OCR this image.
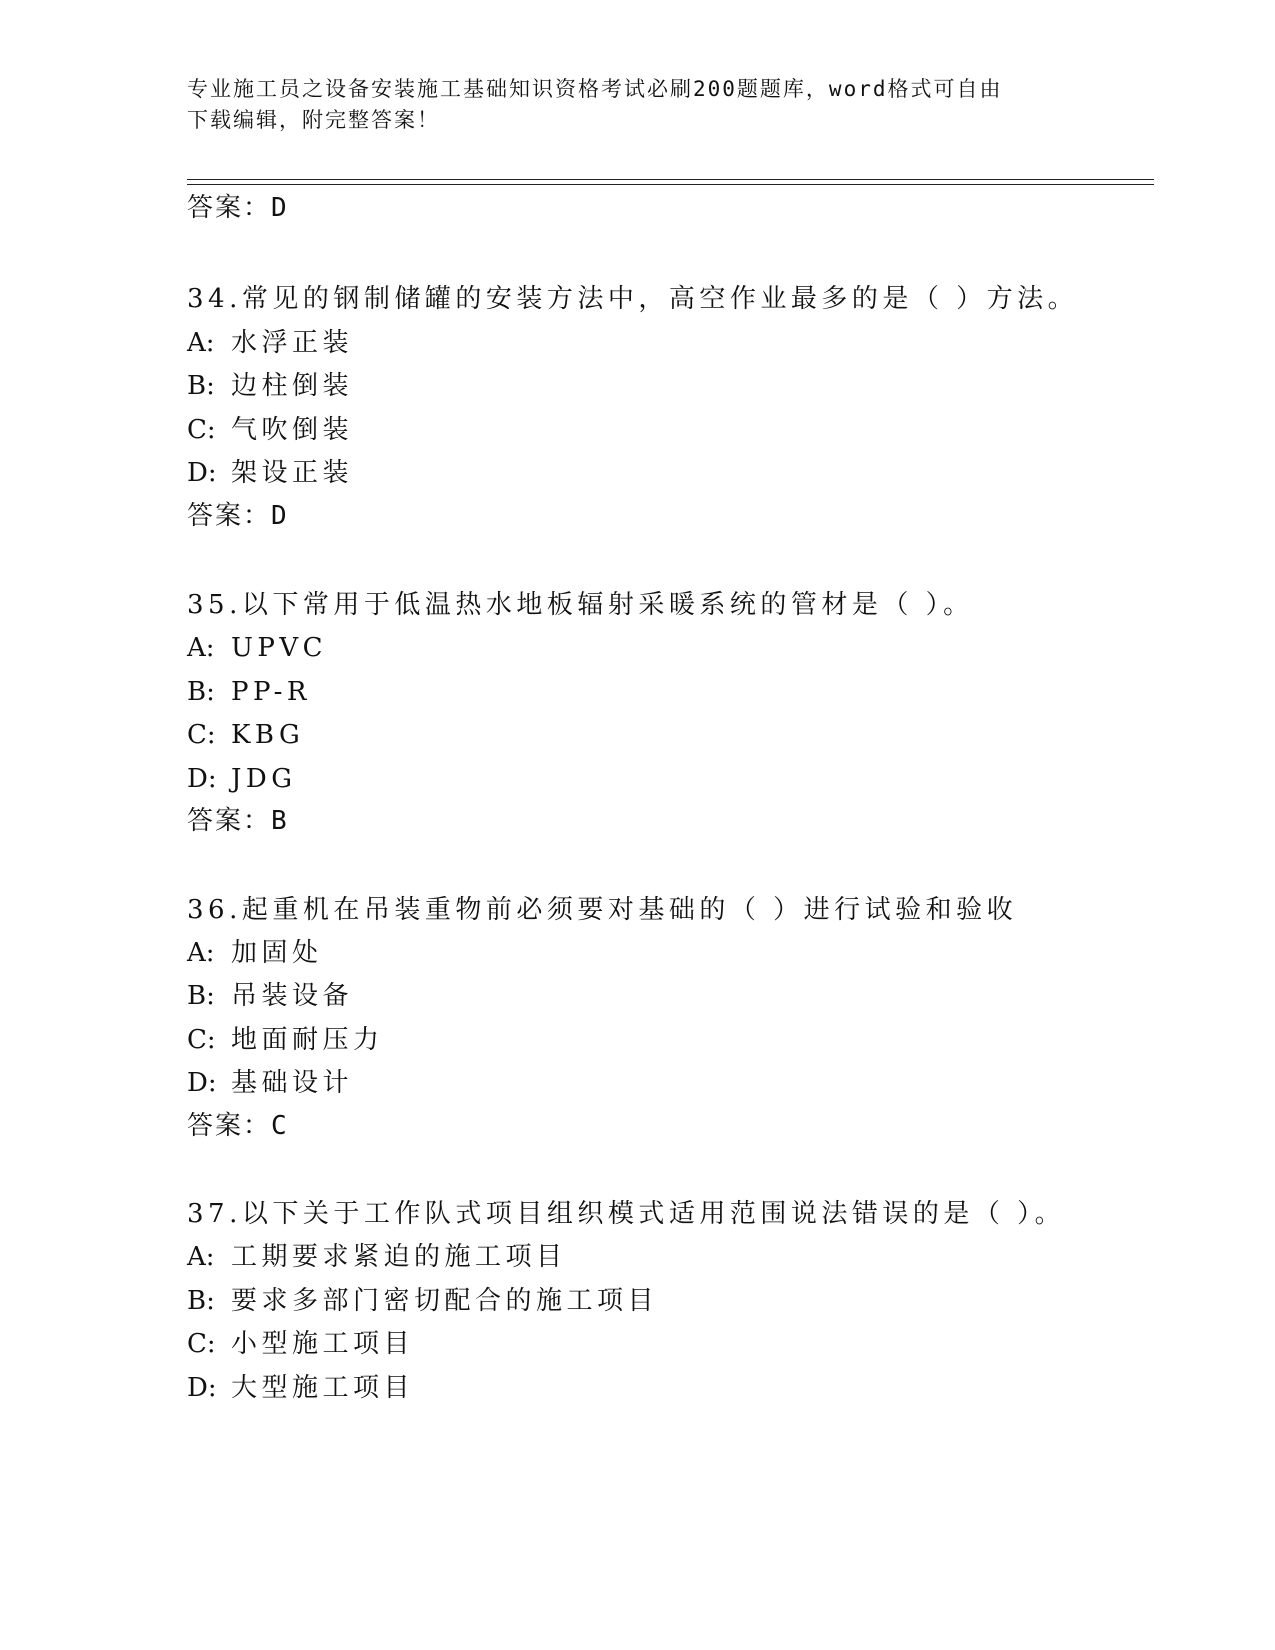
专业施工员之设备安装施工基础知识资格考试必刷200题题库，word格式可自由
下载编辑，附完整答案！
答案：D
34.常见的钢制储罐的安装方法中，高空作业最多的是（ ）方法。
A: 水浮正装
B: 边柱倒装
C: 气吹倒装
D: 架设正装
答案：D
35.以下常用于低温热水地板辐射采暖系统的管材是（ ）。
A: UPVC
B: PP-R
C: KBG
D: JDG
答案：B
36.起重机在吊装重物前必须要对基础的（ ）进行试验和验收
A: 加固处
B: 吊装设备
C: 地面耐压力
D: 基础设计
答案：C
37.以下关于工作队式项目组织模式适用范围说法错误的是（ ）。
A: 工期要求紧迫的施工项目
B: 要求多部门密切配合的施工项目
C: 小型施工项目
D: 大型施工项目
